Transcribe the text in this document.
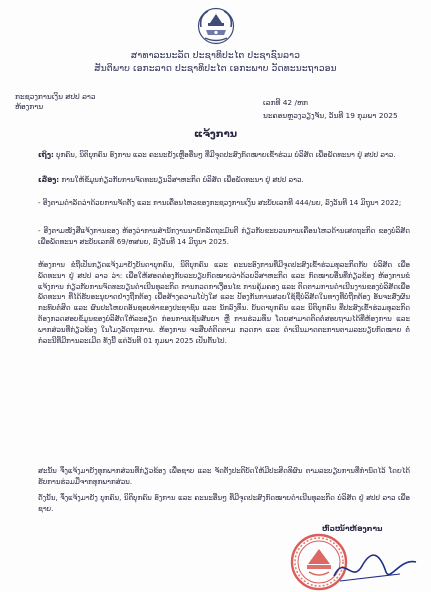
ສາທາລະນະລັດ ປະຊາທິປະໄຕ ປະຊາຊົນລາວ
ສັນຕິພາບ ເອກະລາດ ປະຊາທິປະໄຕ ເອກະພາບ ວັດທະນະຖາວອນ
ກະຊວງການເງິນ ສປປ ລາວ
ຫ້ອງການ	ເລກທີ 42 /ຫກ
ນະຄອນຫຼວງວຽງຈັນ, ວັນທີ 19 ກຸມພາ 2025
ແຈ້ງການ
ເຖິງ: ບຸກຄົນ, ນິຕິບຸກຄົນ ອົງການ ແລະ ຄະນະຍັງເຫຼືອອື່ນໆ ທີ່ມີຈຸດປະສົງກົດໝາຍເຂົ້າຮ່ວມ ບໍລິສັດ ເພື່ອພັດທະນາ ຢູ່ ສປປ ລາວ.
ເລື່ອງ: ການໃຫ້ຂໍ້ມູນກ່ຽວກັບການຈົດທະບຽນວິສາຫະກິດ ບໍລິສັດ ເພື່ອພັດທະນາ ຢູ່ ສປປ ລາວ.
- ອີງຕາມດຳລັດວ່າດ້ວຍການຈັດຕັ້ງ ແລະ ການເຄື່ອນໄຫວຂອງກະຊວງການເງິນ ສະບັບເລກທີ 444/ນຍ, ລົງວັນທີ 14 ມິຖຸນາ 2022;
- ອີງຕາມໜັງສືແຈ້ງການຂອງ ຫ້ອງວ່າການສຳນັກງານນາຍົກລັດຖະມົນຕີ ກ່ຽວກັບຂະບວນການເຄື່ອນໄຫວດ້ານເສດຖະກິດ ຂອງບໍລິສັດເພື່ອພັດທະນາ ສະບັບເລກທີ 69/ຫສນຍ, ລົງວັນທີ 14 ມິຖຸນາ 2025.
ຫ້ອງການ ຂໍຖືເປັນກຽດແຈ້ງມາຍັງບັນດາບຸກຄົນ, ນິຕິບຸກຄົນ ແລະ ຄະນະອົງການທີ່ມີຈຸດປະສົງເຂົ້າຮ່ວມທຸລະກິດກັບ ບໍລິສັດ ເພື່ອພັດທະນາ ຢູ່ ສປປ ລາວ ວ່າ: ເພື່ອໃຫ້ສອດຄ່ອງກັບລະບຽບກົດໝາຍວ່າດ້ວຍວິສາຫະກິດ ແລະ ກົດໝາຍອື່ນທີ່ກ່ຽວຂ້ອງ ຫ້ອງການຂໍແຈ້ງການ ກ່ຽວກັບການຈົດທະບຽນດຳເນີນທຸລະກິດ ການກວດກາເງື່ອນໄຂ ການຄຸ້ມຄອງ ແລະ ຕິດຕາມການດຳເນີນງານຂອງບໍລິສັດເພື່ອພັດທະນາ ທີ່ໄດ້ຮັບອະນຸຍາດຢ່າງຖືກຕ້ອງ ເພື່ອສ້າງຄວາມໂປ່ງໃສ ແລະ ປ້ອງກັນການສວຍໃຊ້ຊື່ບໍລິສັດໃນທາງທີ່ບໍ່ຖືກຕ້ອງ ອັນຈະສົ່ງຜົນກະທົບຕໍ່ສິດ ແລະ ຜົນປະໂຫຍດອັນຊອບທຳຂອງປະຊາຊົນ ແລະ ນັກລົງທຶນ. ບັນດາບຸກຄົນ ແລະ ນິຕິບຸກຄົນ ທີ່ປະສົງເຂົ້າຮ່ວມທຸລະກິດ ຕ້ອງກວດສອບຂໍ້ມູນຂອງບໍລິສັດໃຫ້ລະອຽດ ກ່ອນການເຊັນສັນຍາ ຫຼື ການຮ່ວມທຶນ ໂດຍສາມາດຕິດຕໍ່ສອບຖາມໄດ້ທີ່ຫ້ອງການ ແລະ ພາກສ່ວນທີ່ກ່ຽວຂ້ອງ ໃນໂມງລັດຖະການ. ຫ້ອງການ ຈະສືບຕໍ່ຕິດຕາມ ກວດກາ ແລະ ດຳເນີນມາດຕະການຕາມລະບຽບກົດໝາຍ ຕໍ່ກໍລະນີທີ່ມີການລະເມີດ ທັງນີ້ ແຕ່ວັນທີ 01 ກຸມພາ 2025 ເປັນຕົ້ນໄປ.
ສະນັ້ນ ຈຶ່ງແຈ້ງມາຍັງທຸກພາກສ່ວນທີ່ກ່ຽວຂ້ອງ ເພື່ອຊາບ ແລະ ຈັດຕັ້ງປະຕິບັດໃຫ້ມີປະສິດທິຜົນ ຕາມລະບຽບການທີ່ກຳນົດໄວ້ ໂດຍໄດ້ຮັບການຮ່ວມມືຈາກທຸກພາກສ່ວນ.
ດັ່ງນັ້ນ, ຈຶ່ງແຈ້ງມາຍັງ ບຸກຄົນ, ນິຕິບຸກຄົນ ອົງການ ແລະ ຄະນະອື່ນໆ ທີ່ມີຈຸດປະສົງກົດໝາຍດຳເນີນທຸລະກິດ ບໍລິສັດ ຢູ່ ສປປ ລາວ ເພື່ອຊາບ.
ຫົວໜ້າຫ້ອງການ
